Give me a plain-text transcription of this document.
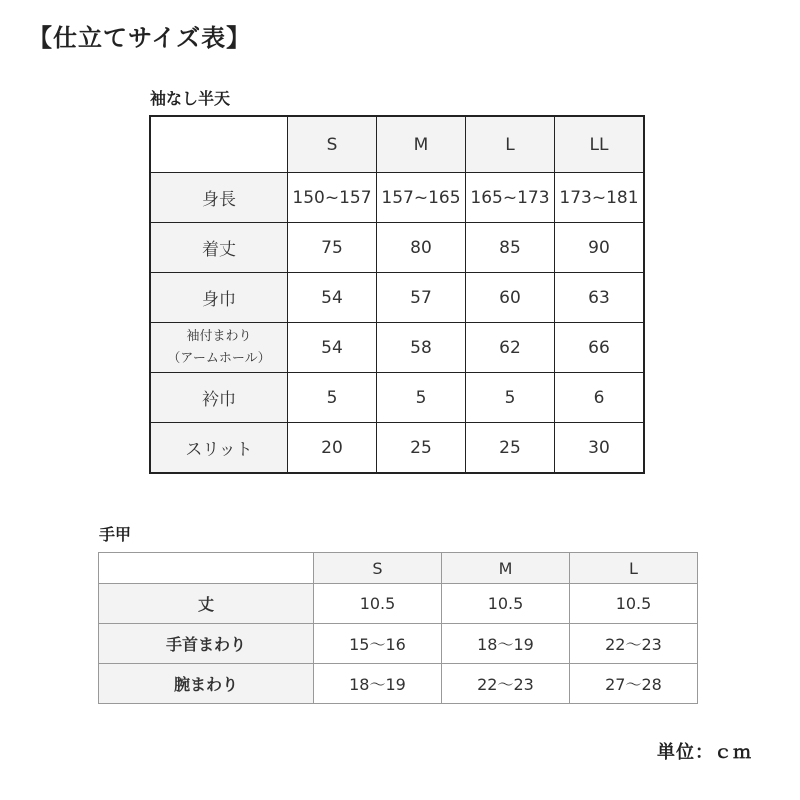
【仕立てサイズ表】
袖なし半天
	S	M	L	LL
身長	150~157	157~165	165~173	173~181
着丈	75	80	85	90
身巾	54	57	60	63

袖付まわり
（アームホール）	54	58	62	66
衿巾	5	5	5	6
スリット	20	25	25	30
手甲
	S	M	L
丈	10.5	10.5	10.5
手首まわり	15～16	18～19	22～23
腕まわり	18～19	22～23	27～28
単位：ｃｍ
